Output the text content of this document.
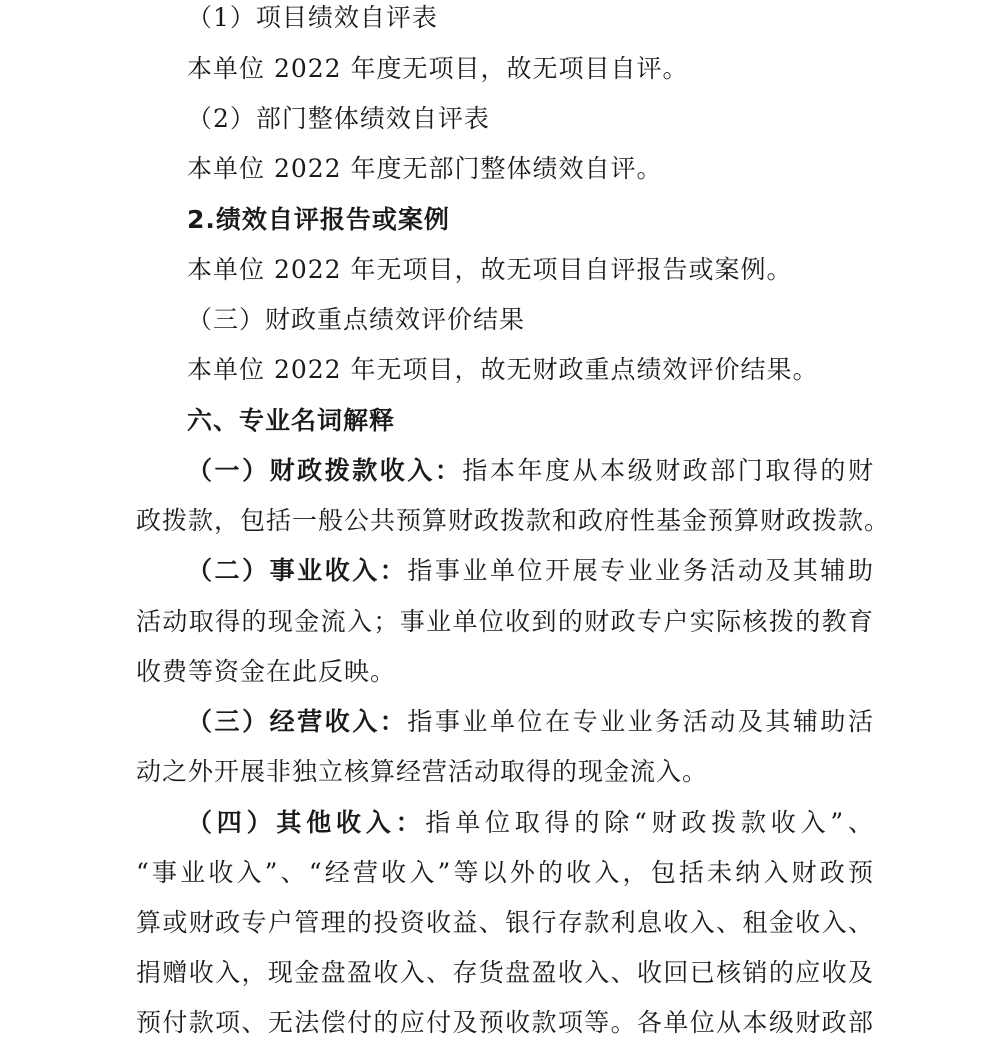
（1）项目绩效自评表
本单位 2022 年度无项目，故无项目自评。
（2）部门整体绩效自评表
本单位 2022 年度无部门整体绩效自评。
2.绩效自评报告或案例
本单位 2022 年无项目，故无项目自评报告或案例。
（三）财政重点绩效评价结果
本单位 2022 年无项目，故无财政重点绩效评价结果。
六、专业名词解释
（一）财政拨款收入：指本年度从本级财政部门取得的财
政拨款，包括一般公共预算财政拨款和政府性基金预算财政拨款。
（二）事业收入：指事业单位开展专业业务活动及其辅助
活动取得的现金流入；事业单位收到的财政专户实际核拨的教育
收费等资金在此反映。
（三）经营收入：指事业单位在专业业务活动及其辅助活
动之外开展非独立核算经营活动取得的现金流入。
（四）其他收入：指单位取得的除“财政拨款收入”、
“事业收入”、“经营收入”等以外的收入，包括未纳入财政预
算或财政专户管理的投资收益、银行存款利息收入、租金收入、
捐赠收入，现金盘盈收入、存货盘盈收入、收回已核销的应收及
预付款项、无法偿付的应付及预收款项等。各单位从本级财政部
